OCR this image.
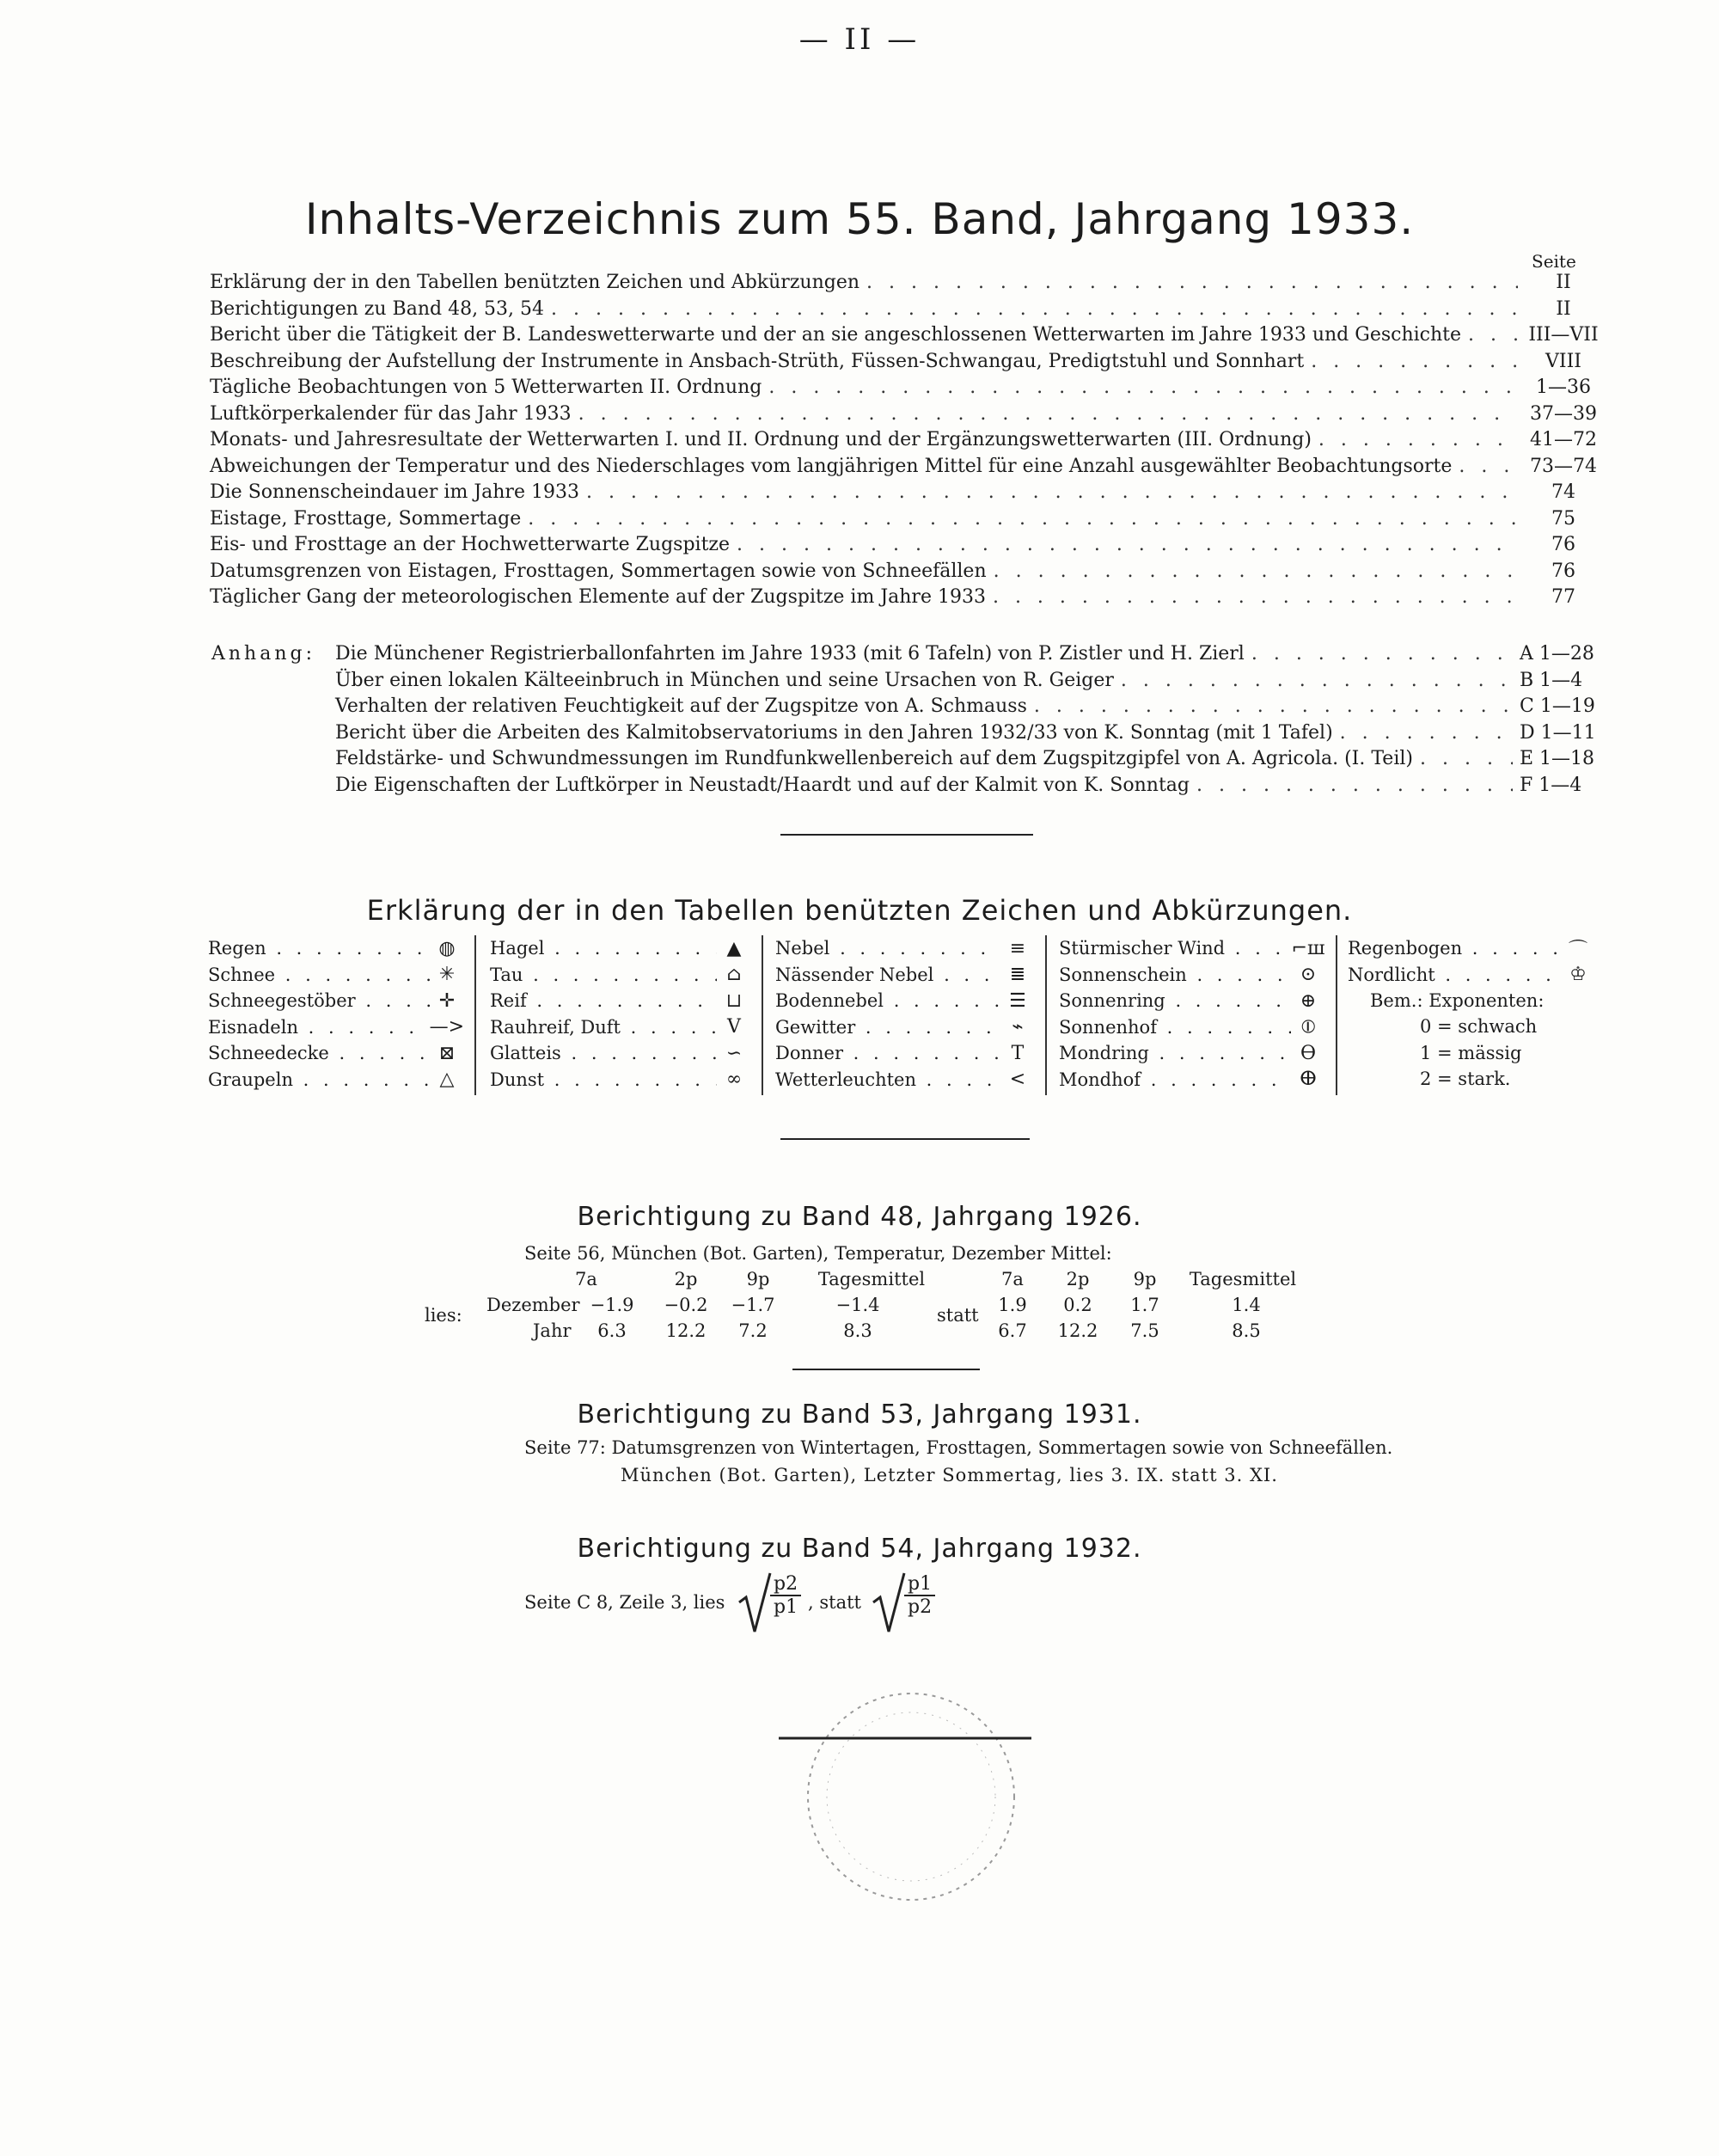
— II —
Inhalts-Verzeichnis zum 55. Band, Jahrgang 1933.
Seite
Erklärung der in den Tabellen benützten Zeichen und Abkürzungen . . .	II
Berichtigungen zu Band 48, 53, 54 . . .	II
Bericht über die Tätigkeit der B. Landeswetterwarte und der an sie angeschlossenen Wetterwarten im Jahre 1933 und Geschichte . . .	III—VII
Beschreibung der Aufstellung der Instrumente in Ansbach-Strüth, Füssen-Schwangau, Predigtstuhl und Sonnhart . . .	VIII
Tägliche Beobachtungen von 5 Wetterwarten II. Ordnung . . .	1—36
Luftkörperkalender für das Jahr 1933 . . .	37—39
Monats- und Jahresresultate der Wetterwarten I. und II. Ordnung und der Ergänzungswetterwarten (III. Ordnung) . . .	41—72
Abweichungen der Temperatur und des Niederschlages vom langjährigen Mittel für eine Anzahl ausgewählter Beobachtungsorte . . .	73—74
Die Sonnenscheindauer im Jahre 1933 . . .	74
Eistage, Frosttage, Sommertage . . .	75
Eis- und Frosttage an der Hochwetterwarte Zugspitze . . .	76
Datumsgrenzen von Eistagen, Frosttagen, Sommertagen sowie von Schneefällen . . .	76
Täglicher Gang der meteorologischen Elemente auf der Zugspitze im Jahre 1933 . . .	77
Anhang: Die Münchener Registrierballonfahrten im Jahre 1933 (mit 6 Tafeln) von P. Zistler und H. Zierl . . .	A 1—28
Über einen lokalen Kälteeinbruch in München und seine Ursachen von R. Geiger . . .	B 1—4
Verhalten der relativen Feuchtigkeit auf der Zugspitze von A. Schmauss . . .	C 1—19
Bericht über die Arbeiten des Kalmitobservatoriums in den Jahren 1932/33 von K. Sonntag (mit 1 Tafel) . . .	D 1—11
Feldstärke- und Schwundmessungen im Rundfunkwellenbereich auf dem Zugspitzgipfel von A. Agricola. (I. Teil) . . .	E 1—18
Die Eigenschaften der Luftkörper in Neustadt/Haardt und auf der Kalmit von K. Sonntag . . .	F 1—4
Erklärung der in den Tabellen benützten Zeichen und Abkürzungen.
Regen . . .	◍
Schnee . . .	✳
Schneegestöber . . .	✛
Eisnadeln . . .	—>
Schneedecke . . .	⊠
Graupeln . . .	△
Hagel . . .	▲
Tau . . .	⌂
Reif . . .	⊔
Rauhreif, Duft . . .	V
Glatteis . . .	∽
Dunst . . .	∞
Nebel . . .	≡
Nässender Nebel . . .	≣
Bodennebel . . .	☰
Gewitter . . .	⌁
Donner . . .	T
Wetterleuchten . . .	<
Stürmischer Wind . . .	⌐ш
Sonnenschein . . .	⊙
Sonnenring . . .	⊕
Sonnenhof . . .	⦶
Mondring . . .	Ɵ
Mondhof . . .	ⴲ
Regenbogen . . .	⌒
Nordlicht . . .	♔
Bem.: Exponenten:
0 = schwach
1 = mässig
2 = stark.
Berichtigung zu Band 48, Jahrgang 1926.
Seite 56, München (Bot. Garten), Temperatur, Dezember Mittel:
7a	2p	9p	Tagesmittel	7a	2p	9p	Tagesmittel
lies:	statt
Dezember −1.9	−0.2	−1.7	−1.4	1.9	0.2	1.7	1.4
Jahr	6.3	12.2	7.2	8.3	6.7	12.2	7.5	8.5
Berichtigung zu Band 53, Jahrgang 1931.
Seite 77: Datumsgrenzen von Wintertagen, Frosttagen, Sommertagen sowie von Schneefällen.
München (Bot. Garten), Letzter Sommertag, lies 3. IX. statt 3. XI.
Berichtigung zu Band 54, Jahrgang 1932.
Seite C 8, Zeile 3, lies $\frac{p2}{p1}$ , statt $\frac{p1}{p2}$
